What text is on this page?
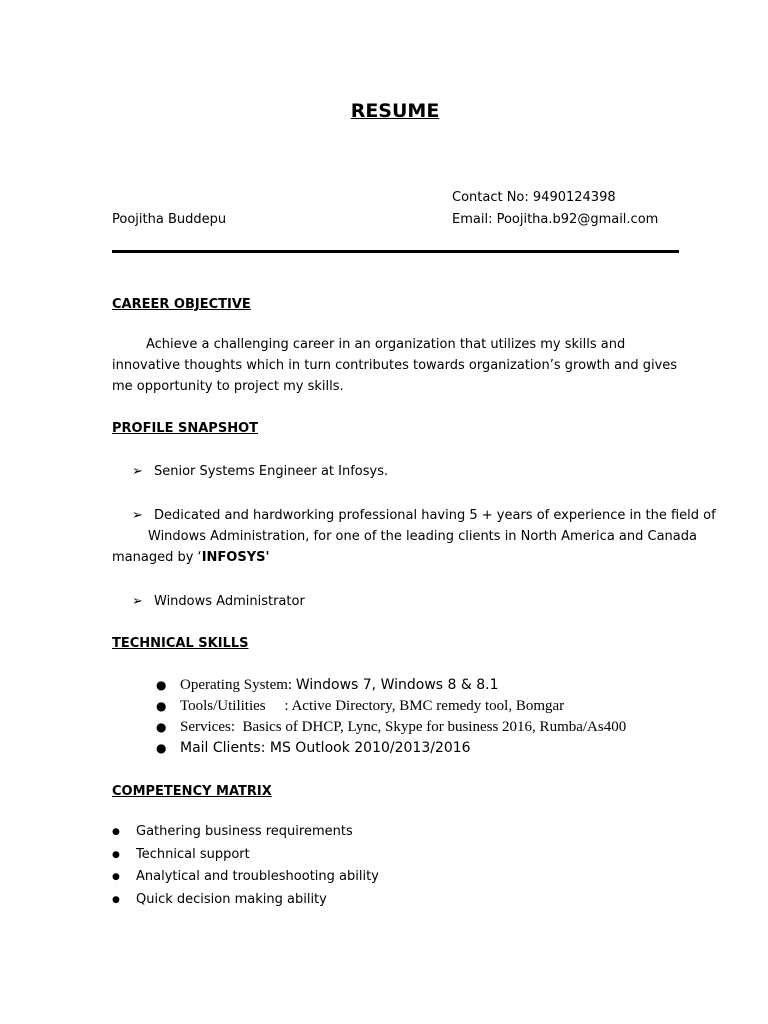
RESUME
Contact No: 9490124398
Poojitha Buddepu	Email: Poojitha.b92@gmail.com
CAREER OBJECTIVE
Achieve a challenging career in an organization that utilizes my skills and innovative thoughts which in turn contributes towards organization’s growth and gives me opportunity to project my skills.
PROFILE SNAPSHOT
➢ Senior Systems Engineer at Infosys.
➢ Dedicated and hardworking professional having 5 + years of experience in the field of
Windows Administration, for one of the leading clients in North America and Canada
managed by ‘INFOSYS'
➢ Windows Administrator
TECHNICAL SKILLS
● Operating System: Windows 7, Windows 8 & 8.1
● Tools/Utilities     : Active Directory, BMC remedy tool, Bomgar
● Services:  Basics of DHCP, Lync, Skype for business 2016, Rumba/As400
● Mail Clients: MS Outlook 2010/2013/2016
COMPETENCY MATRIX
● Gathering business requirements
● Technical support
● Analytical and troubleshooting ability
● Quick decision making ability
